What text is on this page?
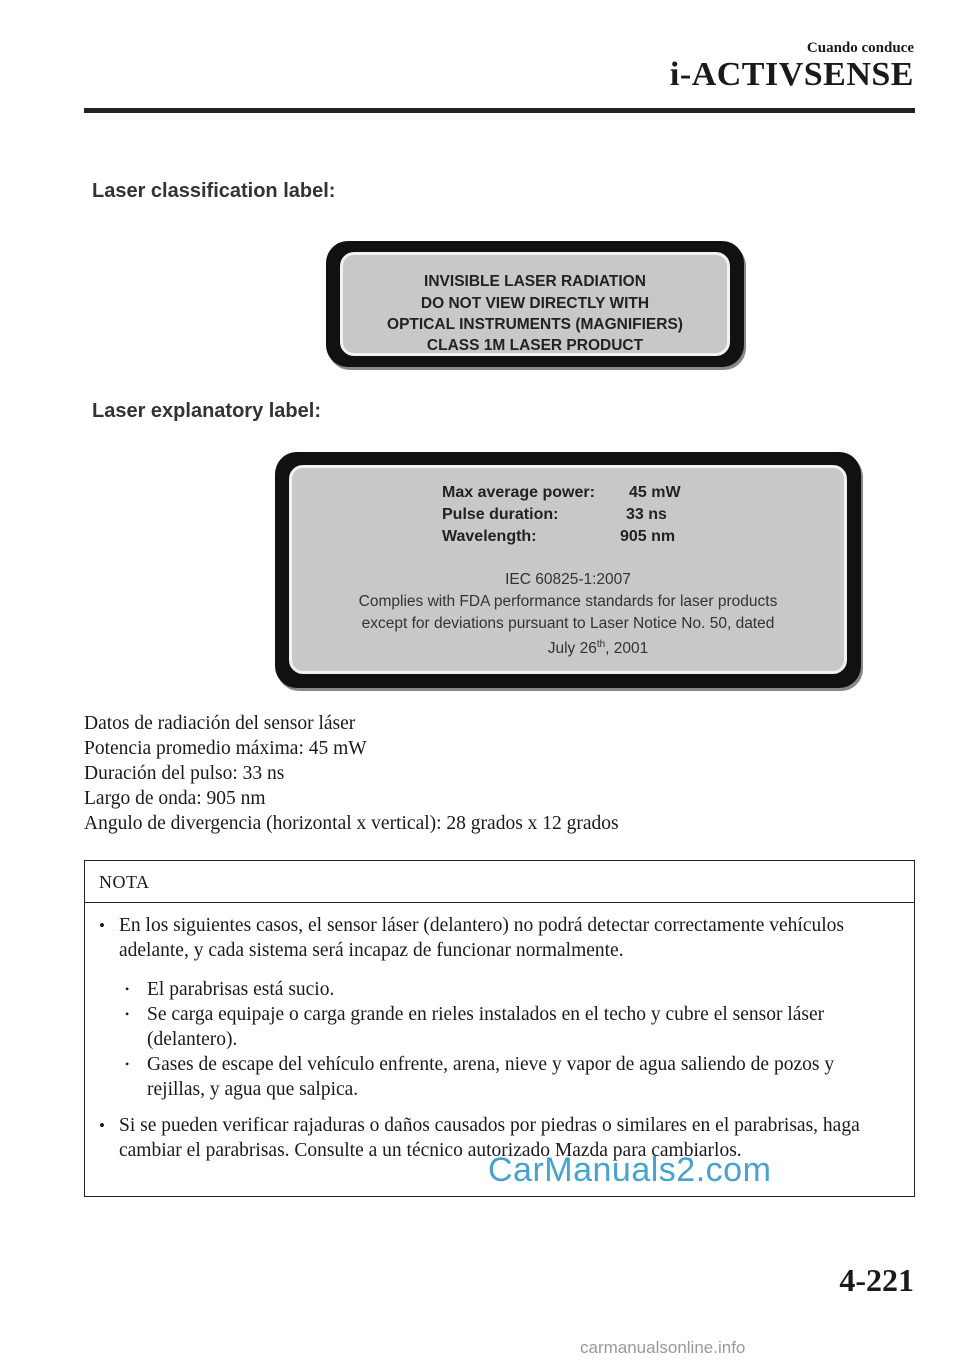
Cuando conduce
i-ACTIVSENSE
Laser classification label:
INVISIBLE LASER RADIATION
DO NOT VIEW DIRECTLY WITH
OPTICAL INSTRUMENTS (MAGNIFIERS)
CLASS 1M LASER PRODUCT
Laser explanatory label:
Max average power: 45 mW
Pulse duration:	33 ns
Wavelength:	905 nm
IEC 60825-1:2007
Complies with FDA performance standards for laser products
except for deviations pursuant to Laser Notice No. 50, dated
July 26th, 2001
Datos de radiación del sensor láser
Potencia promedio máxima: 45 mW
Duración del pulso: 33 ns
Largo de onda: 905 nm
Angulo de divergencia (horizontal x vertical): 28 grados x 12 grados
NOTA
• En los siguientes casos, el sensor láser (delantero) no podrá detectar correctamente vehículos adelante, y cada sistema será incapaz de funcionar normalmente.
• El parabrisas está sucio.
• Se carga equipaje o carga grande en rieles instalados en el techo y cubre el sensor láser (delantero).
• Gases de escape del vehículo enfrente, arena, nieve y vapor de agua saliendo de pozos y rejillas, y agua que salpica.
• Si se pueden verificar rajaduras o daños causados por piedras o similares en el parabrisas, haga cambiar el parabrisas. Consulte a un técnico autorizado Mazda para cambiarlos.
CarManuals2.com
4-221
carmanualsonline.info
